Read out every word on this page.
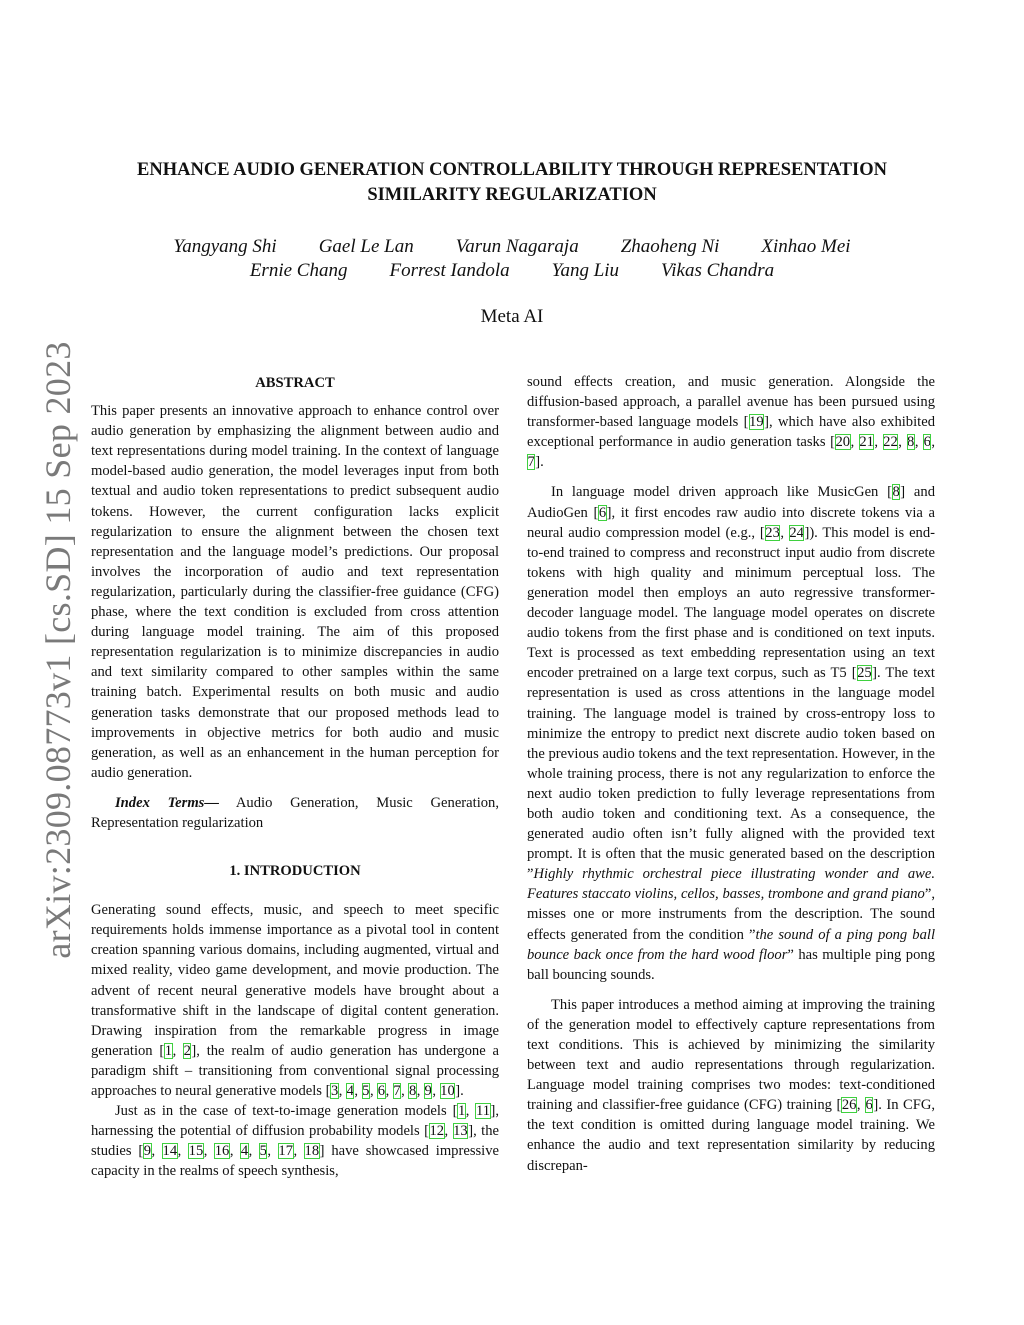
arXiv:2309.08773v1 [cs.SD] 15 Sep 2023
ENHANCE AUDIO GENERATION CONTROLLABILITY THROUGH REPRESENTATION
SIMILARITY REGULARIZATION
Yangyang Shi Gael Le Lan Varun Nagaraja Zhaoheng Ni Xinhao Mei
Ernie Chang Forrest Iandola Yang Liu Vikas Chandra
Meta AI
ABSTRACT

This paper presents an innovative approach to enhance control over audio generation by emphasizing the alignment between audio and text representations during model training. In the context of language model-based audio generation, the model leverages input from both textual and audio token representations to predict subsequent audio tokens. However, the current configuration lacks explicit regularization to ensure the alignment between the chosen text representation and the language model’s predictions. Our proposal involves the incorporation of audio and text representation regularization, particularly during the classifier-free guidance (CFG) phase, where the text condition is excluded from cross attention during language model training. The aim of this proposed representation regularization is to minimize discrepancies in audio and text similarity compared to other samples within the same training batch. Experimental results on both music and audio generation tasks demonstrate that our proposed methods lead to improvements in objective metrics for both audio and music generation, as well as an enhancement in the human perception for audio generation.

Index Terms— Audio Generation, Music Generation, Representation regularization

1. INTRODUCTION

Generating sound effects, music, and speech to meet specific requirements holds immense importance as a pivotal tool in content creation spanning various domains, including augmented, virtual and mixed reality, video game development, and movie production. The advent of recent neural generative models have brought about a transformative shift in the landscape of digital content generation. Drawing inspiration from the remarkable progress in image generation [1, 2], the realm of audio generation has undergone a paradigm shift – transitioning from conventional signal processing approaches to neural generative models [3, 4, 5, 6, 7, 8, 9, 10].

Just as in the case of text-to-image generation models [1, 11], harnessing the potential of diffusion probability models [12, 13], the studies [9, 14, 15, 16, 4, 5, 17, 18] have showcased impressive capacity in the realms of speech synthesis,

sound effects creation, and music generation. Alongside the diffusion-based approach, a parallel avenue has been pursued using transformer-based language models [19], which have also exhibited exceptional performance in audio generation tasks [20, 21, 22, 8, 6, 7].

In language model driven approach like MusicGen [8] and AudioGen [6], it first encodes raw audio into discrete tokens via a neural audio compression model (e.g., [23, 24]). This model is end-to-end trained to compress and reconstruct input audio from discrete tokens with high quality and minimum perceptual loss. The generation model then employs an auto regressive transformer-decoder language model. The language model operates on discrete audio tokens from the first phase and is conditioned on text inputs. Text is processed as text embedding representation using an text encoder pretrained on a large text corpus, such as T5 [25]. The text representation is used as cross attentions in the language model training. The language model is trained by cross-entropy loss to minimize the entropy to predict next discrete audio token based on the previous audio tokens and the text representation. However, in the whole training process, there is not any regularization to enforce the next audio token prediction to fully leverage representations from both audio token and conditioning text. As a consequence, the generated audio often isn’t fully aligned with the provided text prompt. It is often that the music generated based on the description ”Highly rhythmic orchestral piece illustrating wonder and awe. Features staccato violins, cellos, basses, trombone and grand piano”, misses one or more instruments from the description. The sound effects generated from the condition ”the sound of a ping pong ball bounce back once from the hard wood floor” has multiple ping pong ball bouncing sounds.

This paper introduces a method aiming at improving the training of the generation model to effectively capture representations from text conditions. This is achieved by minimizing the similarity between text and audio representations through regularization. Language model training comprises two modes: text-conditioned training and classifier-free guidance (CFG) training [26, 6]. In CFG, the text condition is omitted during language model training. We enhance the audio and text representation similarity by reducing discrepan-
